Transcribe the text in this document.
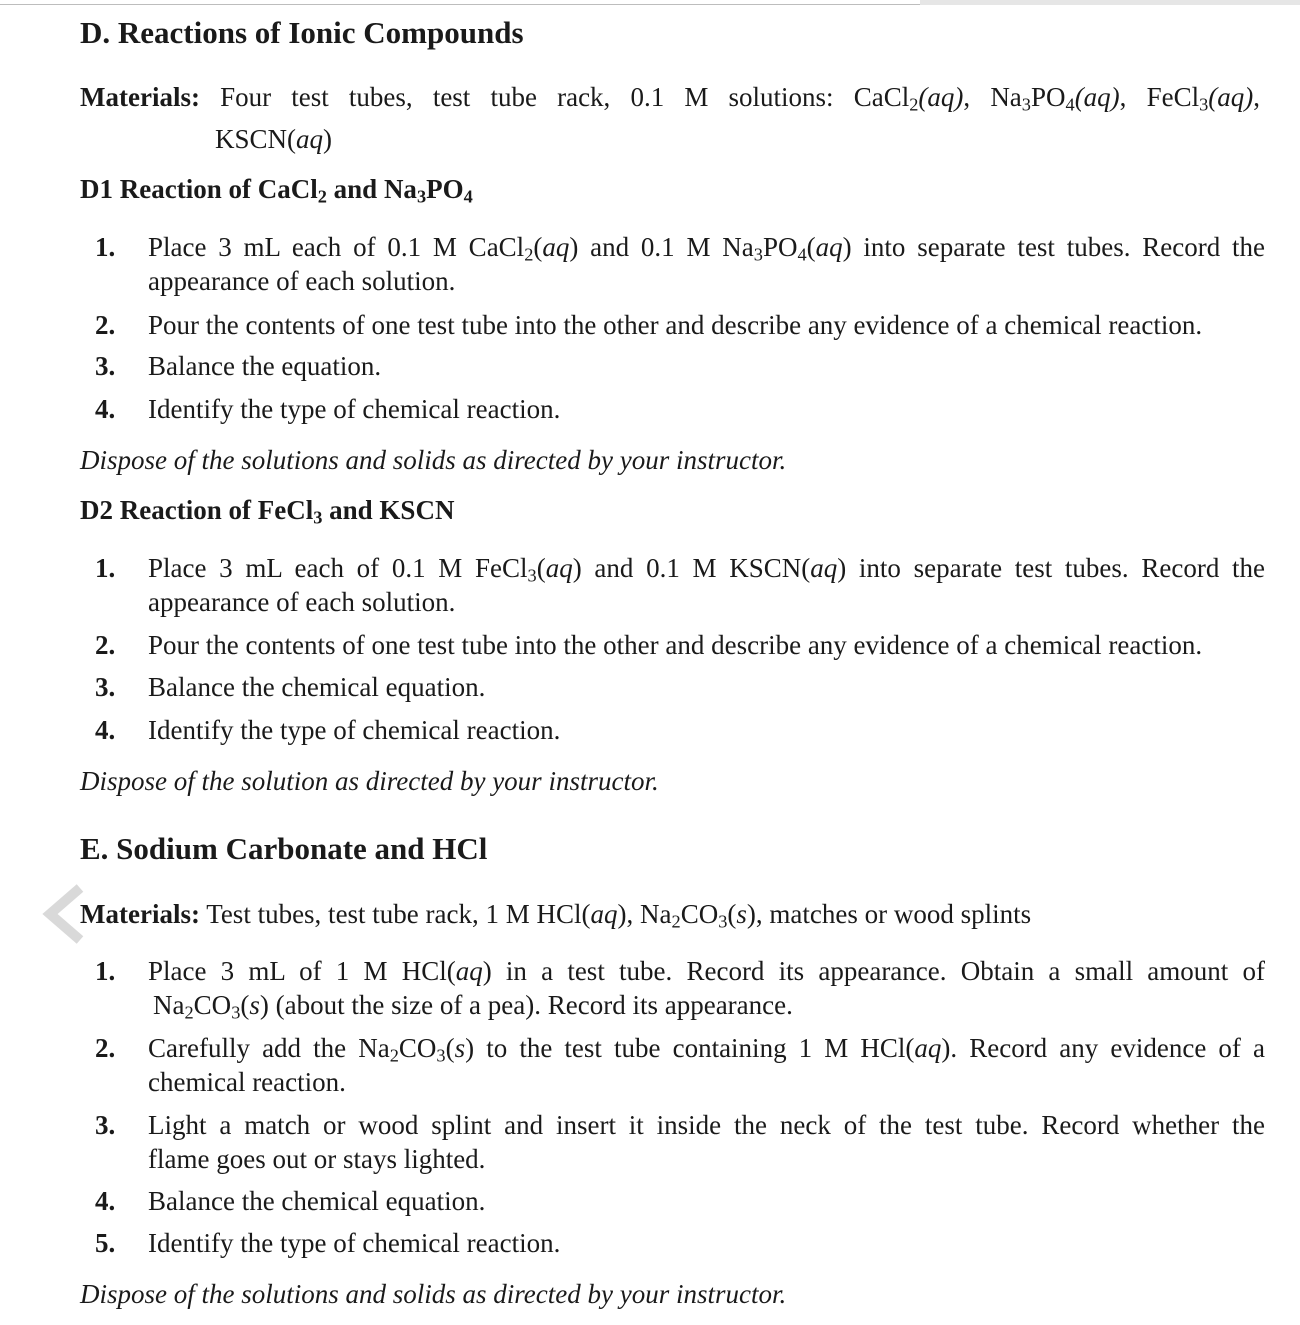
D. Reactions of Ionic Compounds
Materials: Four test tubes, test tube rack, 0.1 M solutions: CaCl$_2$(aq), $Na_3PO_4(aq)$, FeCl$_3$(aq),
KSCN(aq)
D1 Reaction of CaCl$_2$ and $Na_3PO_4$
1.	Place 3 mL each of 0.1 M CaCl$_2$(aq) and 0.1 M $Na_3PO_4(aq)$ into separate test tubes. Record the
appearance of each solution.
2.	Pour the contents of one test tube into the other and describe any evidence of a chemical reaction.
3.	Balance the equation.
4.	Identify the type of chemical reaction.
Dispose of the solutions and solids as directed by your instructor.
D2 Reaction of FeCl$_3$ and KSCN
1.	Place 3 mL each of 0.1 M FeCl$_3$(aq) and 0.1 M KSCN(aq) into separate test tubes. Record the
appearance of each solution.
2.	Pour the contents of one test tube into the other and describe any evidence of a chemical reaction.
3.	Balance the chemical equation.
4.	Identify the type of chemical reaction.
Dispose of the solution as directed by your instructor.
E. Sodium Carbonate and HCl
Materials: Test tubes, test tube rack, 1 M HCl(aq), $Na_2CO_3(s)$, matches or wood splints
1.	Place 3 mL of 1 M HCl(aq) in a test tube. Record its appearance. Obtain a small amount of
$Na_2CO_3(s)$ (about the size of a pea). Record its appearance.
2.	Carefully add the $Na_2CO_3(s)$ to the test tube containing 1 M HCl(aq). Record any evidence of a
chemical reaction.
3.	Light a match or wood splint and insert it inside the neck of the test tube. Record whether the
flame goes out or stays lighted.
4.	Balance the chemical equation.
5.	Identify the type of chemical reaction.
Dispose of the solutions and solids as directed by your instructor.
